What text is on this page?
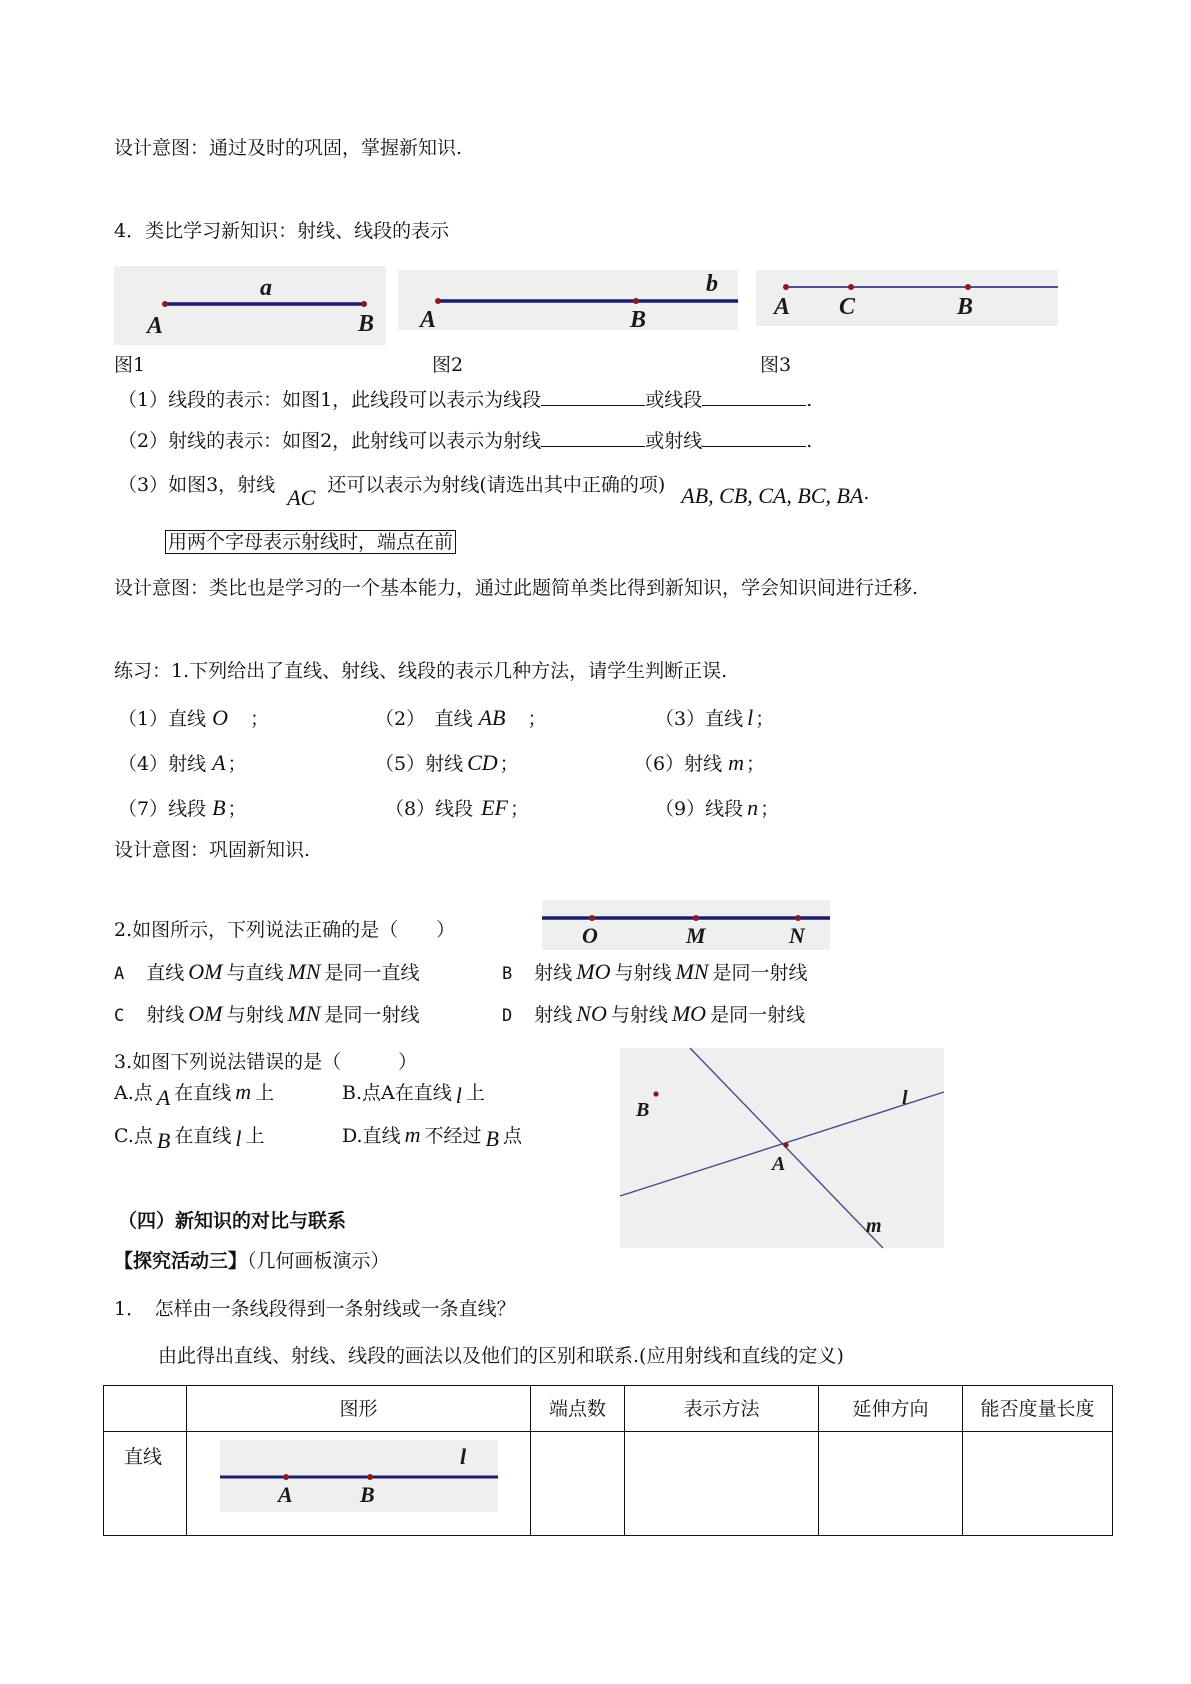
设计意图：通过及时的巩固，掌握新知识.
4．类比学习新知识：射线、线段的表示
a
A	B
b
A	B	A C	B
图1	图2	图3
（1）线段的表示：如图1，此线段可以表示为线段	或线段	.
（2）射线的表示：如图2，此射线可以表示为射线	或射线	.
（3）如图3，射线 AC 还可以表示为射线(请选出其中正确的项) AB, CB, CA, BC, BA.
用两个字母表示射线时，端点在前
设计意图：类比也是学习的一个基本能力，通过此题简单类比得到新知识，学会知识间进行迁移.
练习：1.下列给出了直线、射线、线段的表示几种方法，请学生判断正误.
（1）直线 O ；	（2）　直线 AB ；	（3）直线 l ；
（4）射线 A ；	（5）射线 CD ；	（6）射线 m ；
（7）线段 B ；	（8）线段 EF ；	（9）线段 n ；
设计意图：巩固新知识.
2.如图所示，下列说法正确的是（　　）	O	M	N
A 直线 OM 与直线 MN 是同一直线	B 射线 MO 与射线 MN 是同一射线
C 射线 OM 与射线 MN 是同一射线	D 射线 NO 与射线 MO 是同一射线
3.如图下列说法错误的是（　　　）
A.点 A 在直线 m 上	B.点A在直线 l 上
C.点 B 在直线 l 上	D.直线 m 不经过 B 点
B
l
A
m
（四）新知识的对比与联系
【探究活动三】（几何画板演示）
1．　怎样由一条线段得到一条射线或一条直线？
由此得出直线、射线、线段的画法以及他们的区别和联系.(应用射线和直线的定义)
	图形	端点数	表示方法	延伸方向	能否度量长度
直线	l
A B				
